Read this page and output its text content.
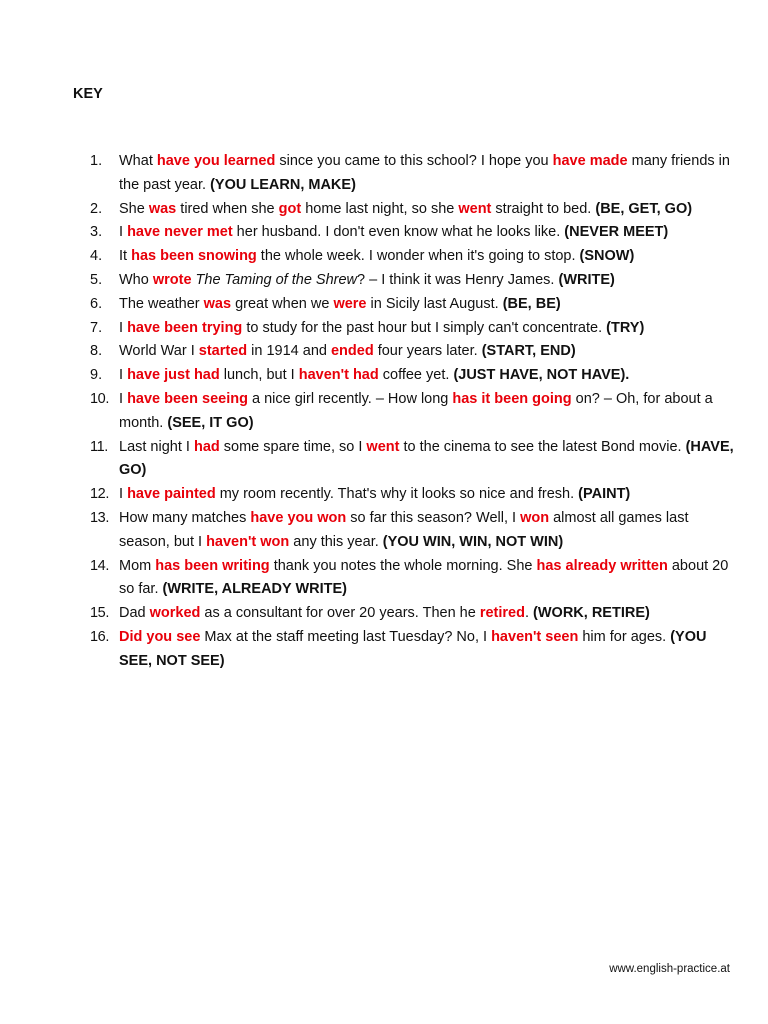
KEY
1.	What have you learned since you came to this school? I hope you have made many friends in the past year. (YOU LEARN, MAKE)
2.	She was tired when she got home last night, so she went straight to bed. (BE, GET, GO)
3.	I have never met her husband. I don't even know what he looks like. (NEVER MEET)
4.	It has been snowing the whole week. I wonder when it's going to stop. (SNOW)
5.	Who wrote The Taming of the Shrew? – I think it was Henry James. (WRITE)
6.	The weather was great when we were in Sicily last August. (BE, BE)
7.	I have been trying to study for the past hour but I simply can't concentrate. (TRY)
8.	World War I started in 1914 and ended four years later. (START, END)
9.	I have just had lunch, but I haven't had coffee yet. (JUST HAVE, NOT HAVE).
10. I have been seeing a nice girl recently. – How long has it been going on? – Oh, for about a month. (SEE, IT GO)
11. Last night I had some spare time, so I went to the cinema to see the latest Bond movie. (HAVE, GO)
12. I have painted my room recently. That's why it looks so nice and fresh. (PAINT)
13. How many matches have you won so far this season? Well, I won almost all games last season, but I haven't won any this year. (YOU WIN, WIN, NOT WIN)
14. Mom has been writing thank you notes the whole morning. She has already written about 20 so far. (WRITE, ALREADY WRITE)
15. Dad worked as a consultant for over 20 years. Then he retired. (WORK, RETIRE)
16. Did you see Max at the staff meeting last Tuesday? No, I haven't seen him for ages. (YOU SEE, NOT SEE)
www.english-practice.at
